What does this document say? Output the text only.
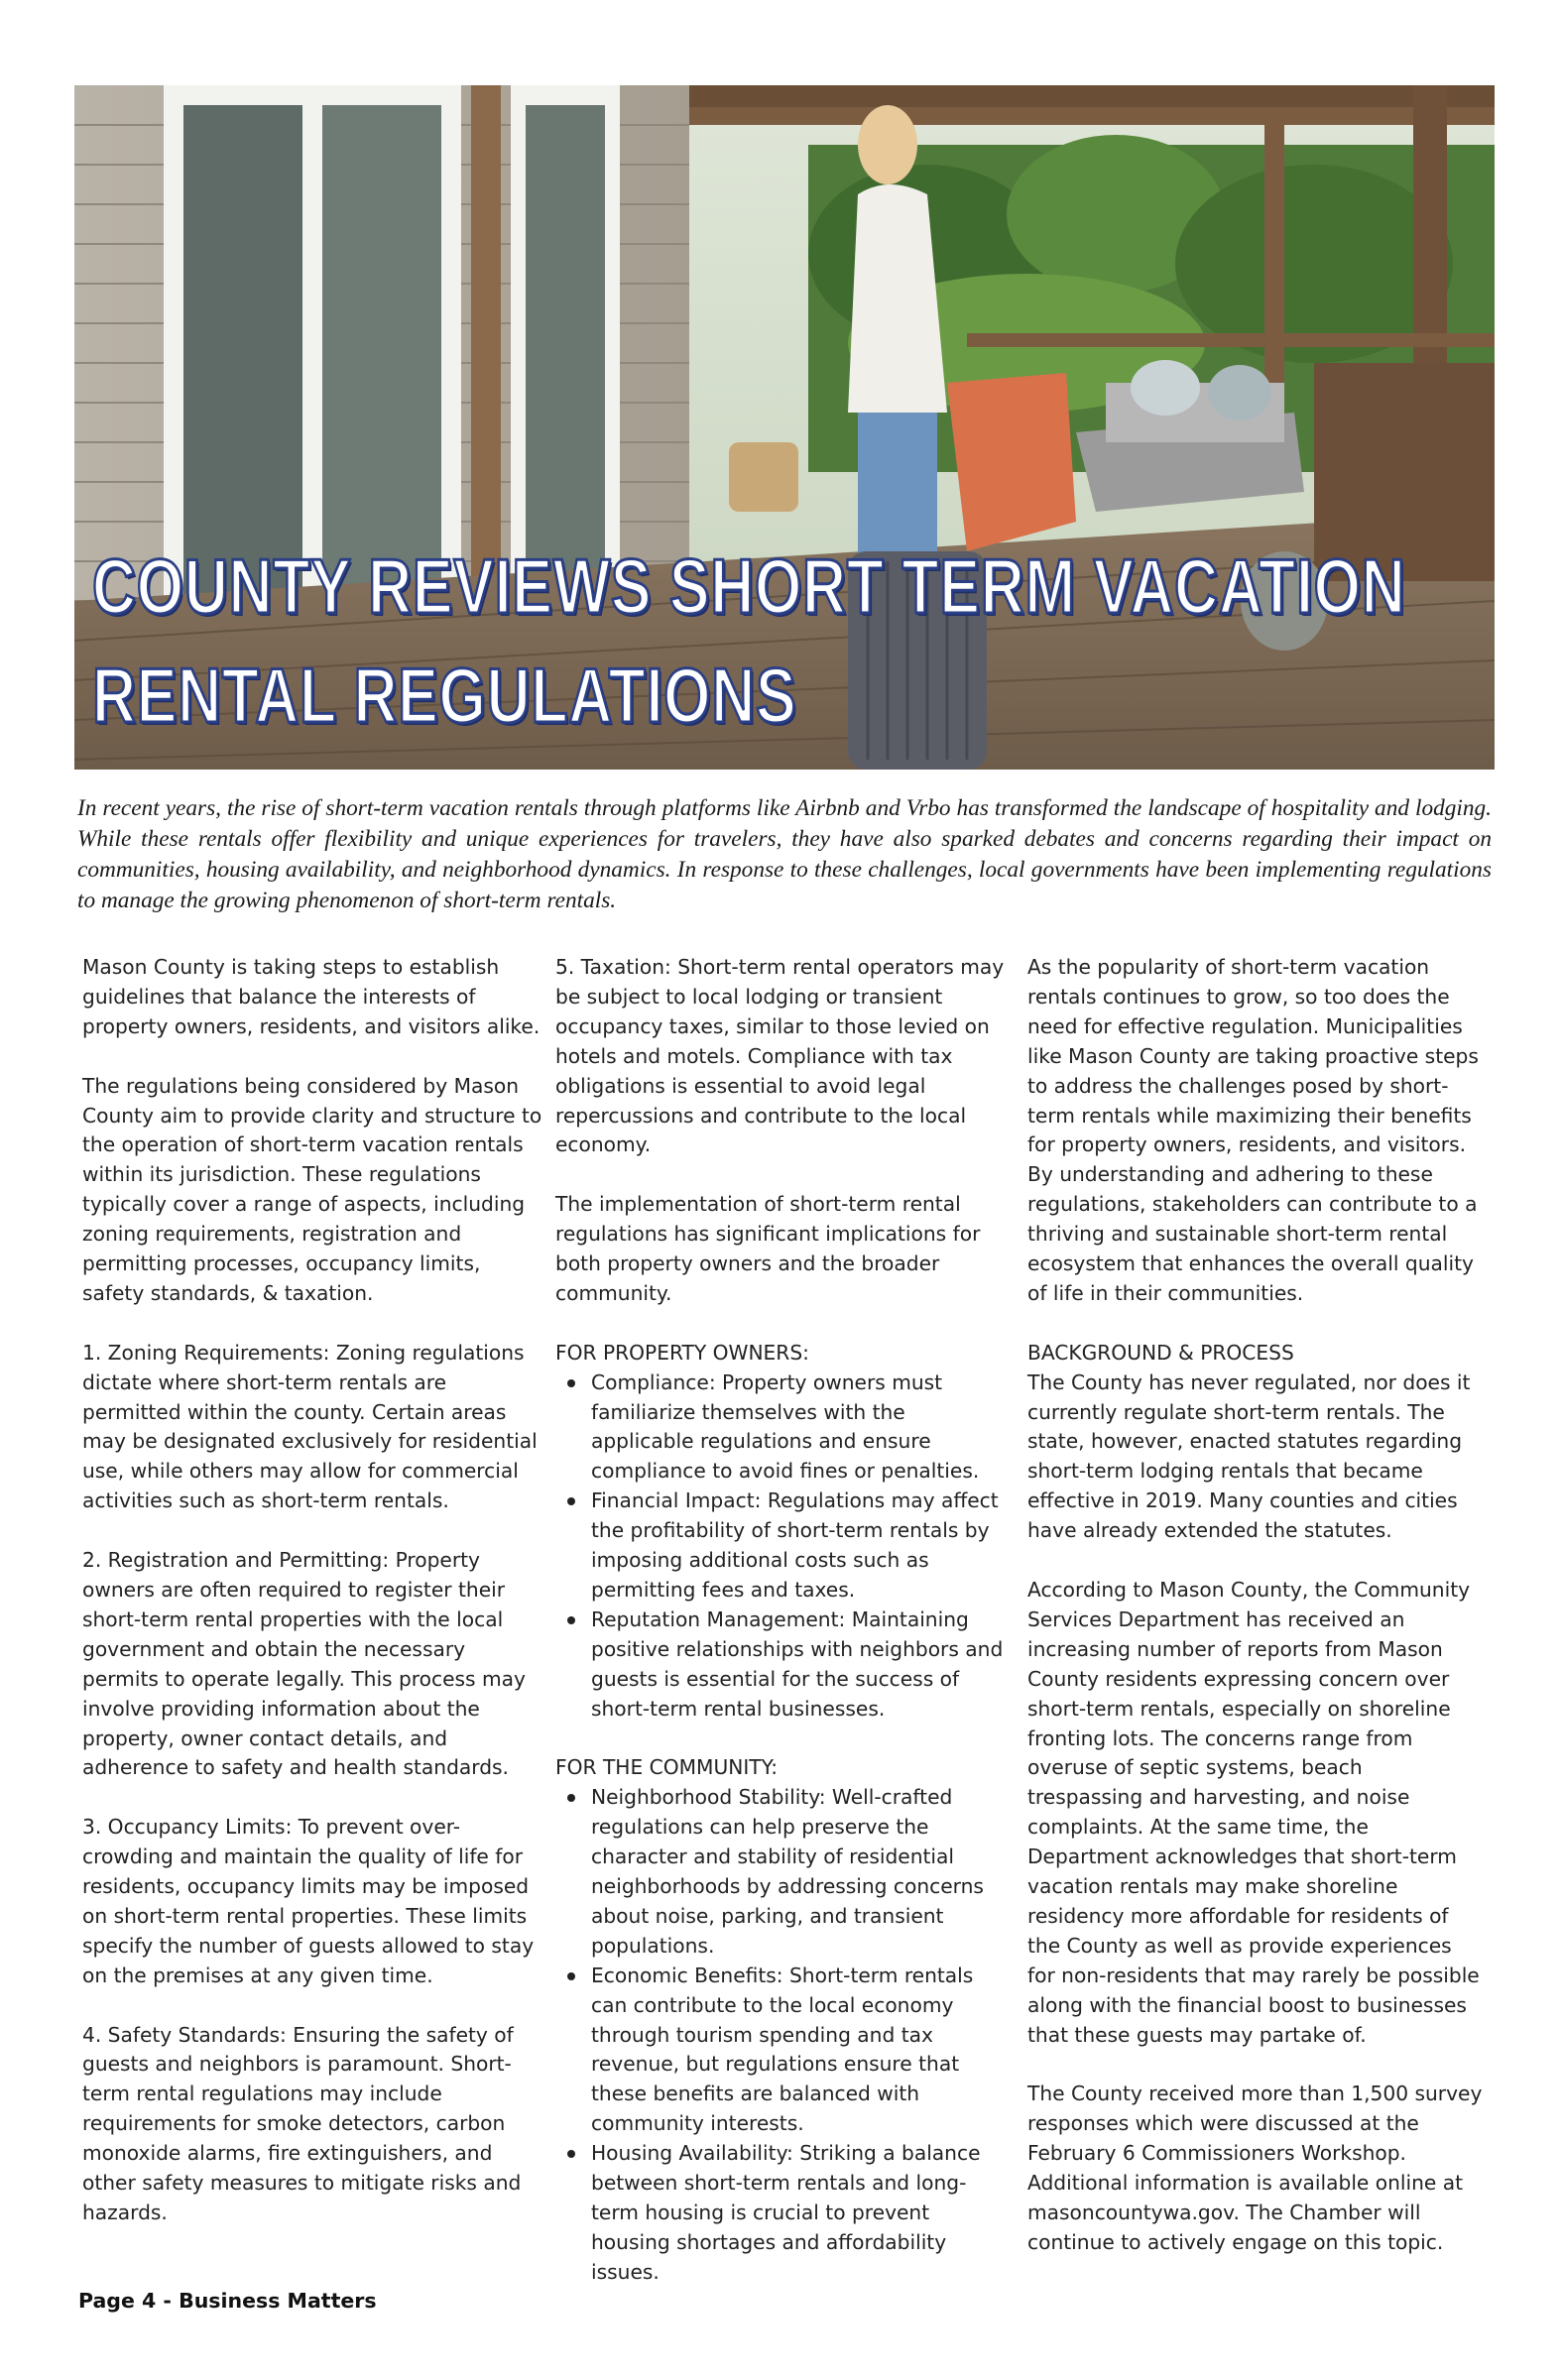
COUNTY REVIEWS SHORT TERM VACATION
RENTAL REGULATIONS

In recent years, the rise of short-term vacation rentals through platforms like Airbnb and Vrbo has transformed the landscape of hospitality and lodging. While these rentals offer flexibility and unique experiences for travelers, they have also sparked debates and concerns regarding their impact on communities, housing availability, and neighborhood dynamics. In response to these challenges, local governments have been implementing regulations to manage the growing phenomenon of short-term rentals.

Mason County is taking steps to establish guidelines that balance the interests of property owners, residents, and visitors alike.

The regulations being considered by Mason County aim to provide clarity and structure to the operation of short-term vacation rentals within its jurisdiction. These regulations typically cover a range of aspects, including zoning requirements, registration and permitting processes, occupancy limits, safety standards, & taxation.

1. Zoning Requirements: Zoning regulations dictate where short-term rentals are permitted within the county. Certain areas may be designated exclusively for residential use, while others may allow for commercial activities such as short-term rentals.

2. Registration and Permitting: Property owners are often required to register their short-term rental properties with the local government and obtain the necessary permits to operate legally. This process may involve providing information about the property, owner contact details, and adherence to safety and health standards.

3. Occupancy Limits: To prevent over-crowding and maintain the quality of life for residents, occupancy limits may be imposed on short-term rental properties. These limits specify the number of guests allowed to stay on the premises at any given time.

4. Safety Standards: Ensuring the safety of guests and neighbors is paramount. Short-term rental regulations may include requirements for smoke detectors, carbon monoxide alarms, fire extinguishers, and other safety measures to mitigate risks and hazards.

5. Taxation: Short-term rental operators may be subject to local lodging or transient occupancy taxes, similar to those levied on hotels and motels. Compliance with tax obligations is essential to avoid legal repercussions and contribute to the local economy.

The implementation of short-term rental regulations has significant implications for both property owners and the broader community.

FOR PROPERTY OWNERS:

Compliance: Property owners must familiarize themselves with the applicable regulations and ensure compliance to avoid fines or penalties.
Financial Impact: Regulations may affect the profitability of short-term rentals by imposing additional costs such as permitting fees and taxes.
Reputation Management: Maintaining positive relationships with neighbors and guests is essential for the success of short-term rental businesses.

FOR THE COMMUNITY:

Neighborhood Stability: Well-crafted regulations can help preserve the character and stability of residential neighborhoods by addressing concerns about noise, parking, and transient populations.
Economic Benefits: Short-term rentals can contribute to the local economy through tourism spending and tax revenue, but regulations ensure that these benefits are balanced with community interests.
Housing Availability: Striking a balance between short-term rentals and long-term housing is crucial to prevent housing shortages and affordability issues.

As the popularity of short-term vacation rentals continues to grow, so too does the need for effective regulation. Municipalities like Mason County are taking proactive steps to address the challenges posed by short-term rentals while maximizing their benefits for property owners, residents, and visitors. By understanding and adhering to these regulations, stakeholders can contribute to a thriving and sustainable short-term rental ecosystem that enhances the overall quality of life in their communities.

BACKGROUND & PROCESS

The County has never regulated, nor does it currently regulate short-term rentals. The state, however, enacted statutes regarding short-term lodging rentals that became effective in 2019. Many counties and cities have already extended the statutes.

According to Mason County, the Community Services Department has received an increasing number of reports from Mason County residents expressing concern over short-term rentals, especially on shoreline fronting lots. The concerns range from overuse of septic systems, beach trespassing and harvesting, and noise complaints. At the same time, the Department acknowledges that short-term vacation rentals may make shoreline residency more affordable for residents of the County as well as provide experiences for non-residents that may rarely be possible along with the financial boost to businesses that these guests may partake of.

The County received more than 1,500 survey responses which were discussed at the February 6 Commissioners Workshop. Additional information is available online at masoncountywa.gov. The Chamber will continue to actively engage on this topic.

Page 4 - Business Matters
